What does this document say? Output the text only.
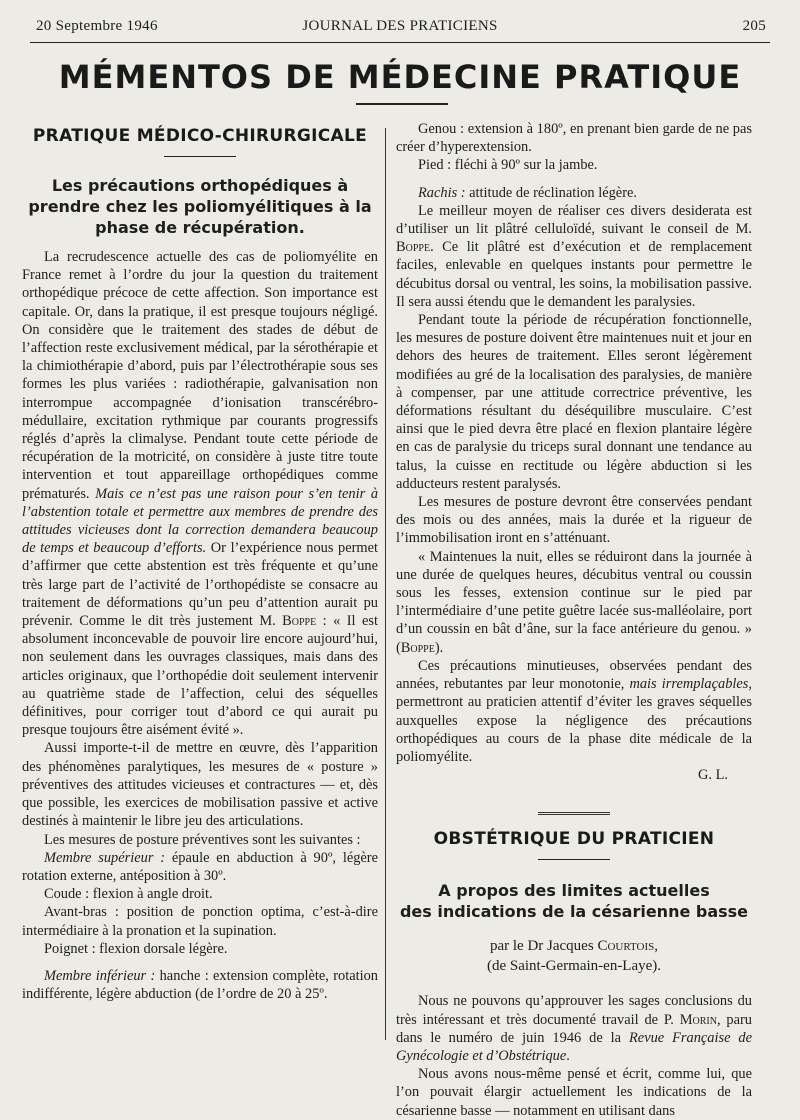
20 Septembre 1946	JOURNAL DES PRATICIENS	205
MÉMENTOS DE MÉDECINE PRATIQUE
PRATIQUE MÉDICO-CHIRURGICALE
Les précautions orthopédiques à prendre chez les poliomyélitiques à la phase de récupération.

La recrudescence actuelle des cas de poliomyélite en France remet à l’ordre du jour la question du traitement orthopédique précoce de cette affection. Son importance est capitale. Or, dans la pratique, il est presque toujours négligé. On considère que le traitement des stades de début de l’affection reste exclusivement médical, par la sérothérapie et la chimiothérapie d’abord, puis par l’électrothérapie sous ses formes les plus variées : radiothérapie, galvanisation non interrompue accompagnée d’ionisation transcérébro-médullaire, excitation rythmique par courants progressifs réglés d’après la climalyse. Pendant toute cette période de récupération de la motricité, on considère à juste titre toute intervention et tout appareillage orthopédiques comme prématurés. Mais ce n’est pas une raison pour s’en tenir à l’abstention totale et permettre aux membres de prendre des attitudes vicieuses dont la correction demandera beaucoup de temps et beaucoup d’efforts. Or l’expérience nous permet d’affirmer que cette abstention est très fréquente et qu’une très large part de l’activité de l’orthopédiste se consacre au traitement de déformations qu’un peu d’attention aurait pu prévenir. Comme le dit très justement M. Boppe : « Il est absolument inconcevable de pouvoir lire encore aujourd’hui, non seulement dans les ouvrages classiques, mais dans des articles originaux, que l’orthopédie doit seulement intervenir au quatrième stade de l’affection, celui des séquelles définitives, pour corriger tout d’abord ce qui aurait pu presque toujours être aisément évité ».

Aussi importe-t-il de mettre en œuvre, dès l’apparition des phénomènes paralytiques, les mesures de « posture » préventives des attitudes vicieuses et contractures — et, dès que possible, les exercices de mobilisation passive et active destinés à maintenir le libre jeu des articulations.

Les mesures de posture préventives sont les suivantes :

Membre supérieur : épaule en abduction à 90º, légère rotation externe, antéposition à 30º.

Coude : flexion à angle droit.

Avant-bras : position de ponction optima, c’est-à-dire intermédiaire à la pronation et la supination.

Poignet : flexion dorsale légère.

Membre inférieur : hanche : extension complète, rotation indifférente, légère abduction (de l’ordre de 20 à 25º.

Genou : extension à 180º, en prenant bien garde de ne pas créer d’hyperextension.

Pied : fléchi à 90º sur la jambe.

Rachis : attitude de réclination légère.

Le meilleur moyen de réaliser ces divers desiderata est d’utiliser un lit plâtré celluloïdé, suivant le conseil de M. Boppe. Ce lit plâtré est d’exécution et de remplacement faciles, enlevable en quelques instants pour permettre le décubitus dorsal ou ventral, les soins, la mobilisation passive. Il sera aussi étendu que le demandent les paralysies.

Pendant toute la période de récupération fonctionnelle, les mesures de posture doivent être maintenues nuit et jour en dehors des heures de traitement. Elles seront légèrement modifiées au gré de la localisation des paralysies, de manière à compenser, par une attitude correctrice préventive, les déformations résultant du déséquilibre musculaire. C’est ainsi que le pied devra être placé en flexion plantaire légère en cas de paralysie du triceps sural donnant une tendance au talus, la cuisse en rectitude ou légère abduction si les adducteurs restent paralysés.

Les mesures de posture devront être conservées pendant des mois ou des années, mais la durée et la rigueur de l’immobilisation iront en s’atténuant.

« Maintenues la nuit, elles se réduiront dans la journée à une durée de quelques heures, décubitus ventral ou coussin sous les fesses, extension continue sur le pied par l’intermédiaire d’une petite guêtre lacée sus-malléolaire, port d’un coussin en bât d’âne, sur la face antérieure du genou. » (Boppe).

Ces précautions minutieuses, observées pendant des années, rebutantes par leur monotonie, mais irremplaçables, permettront au praticien attentif d’éviter les graves séquelles auxquelles expose la négligence des précautions orthopédiques au cours de la phase dite médicale de la poliomyélite.

G. L.

OBSTÉTRIQUE DU PRATICIEN
A propos des limites actuelles
des indications de la césarienne basse
par le Dr Jacques Courtois,
(de Saint-Germain-en-Laye).

Nous ne pouvons qu’approuver les sages conclusions du très intéressant et très documenté travail de P. Morin, paru dans le numéro de juin 1946 de la Revue Française de Gynécologie et d’Obstétrique.

Nous avons nous-même pensé et écrit, comme lui, que l’on pouvait élargir actuellement les indications de la césarienne basse — notamment en utilisant dans
